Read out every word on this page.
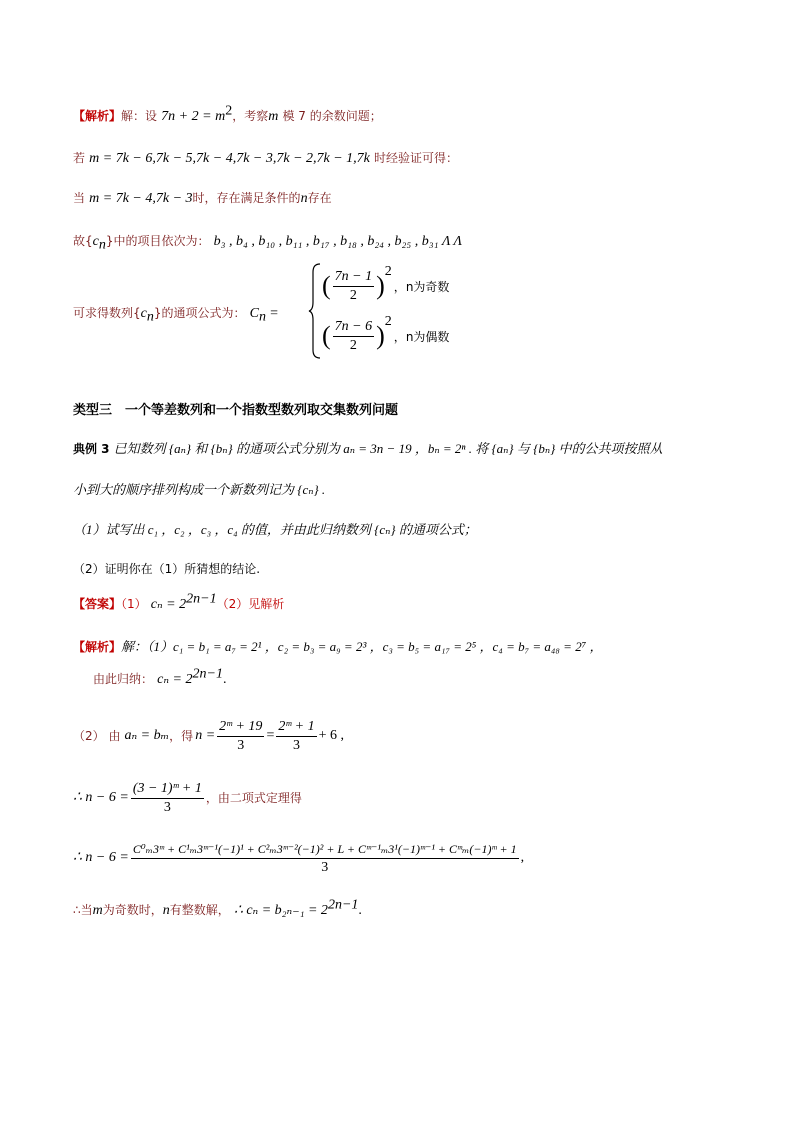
【解析】解：设 $7n + 2 = m^2$，考察m 模 7 的余数问题；
若 m = 7k − 6,7k − 5,7k − 4,7k − 3,7k − 2,7k − 1,7k 时经验证可得：
当 m = 7k − 4,7k − 3时，存在满足条件的n存在
故$\{c_n\}$中的项目依次为： b₃ , b₄ , b₁₀ , b₁₁ , b₁₇ , b₁₈ , b₂₄ , b₂₅ , b₃₁ Λ Λ
可求得数列$\{c_n\}$的通项公式为： $C_n$ =
( $\frac{7n - 1}{2} )^2$
， n为奇数
( $\frac{7n - 6}{2} )^2$
， n为偶数
类型三　一个等差数列和一个指数型数列取交集数列问题
典例 3 已知数列 {aₙ} 和 {bₙ} 的通项公式分别为 aₙ = 3n − 19 ，bₙ = 2ⁿ . 将 {aₙ} 与 {bₙ} 中的公共项按照从
小到大的顺序排列构成一个新数列记为 {cₙ} .
（1）试写出 c₁ ，c₂ ，c₃ ，c₄ 的值，并由此归纳数列 {cₙ} 的通项公式；
（2）证明你在（1）所猜想的结论.
【答案】（1） $c_n = 2^{2n-1}(2)$见解析
【解析】解：（1）c₁ = b₁ = a₇ = 2¹ ，c₂ = b₃ = a₉ = 2³ ，c₃ = b₅ = a₁₇ = 2⁵ ，c₄ = b₇ = a₄₈ = 2⁷ ，
由此归纳： $c_n = 2^{2n-1}$.
（2） 由 aₙ = bₘ ，得 $n = \frac{\text{2ᵐ + 19}}{3} = \frac{\text{2ᵐ + 1}}{3} + 6$ ,
∴ $n - 6 = \frac{\text{(3 − 1)ᵐ + 1}}{3}$ ，由二项式定理得
∴ n − 6 =
C⁰ₘ3ᵐ + C¹ₘ3ᵐ⁻¹(−1)¹ + C²ₘ3ᵐ⁻²(−1)² + L + Cᵐ⁻¹ₘ3¹(−1)ᵐ⁻¹ + Cᵐₘ(−1)ᵐ + 1
3
,
∴当m为奇数时，n有整数解， ∴ $c_n = b_{2n-1} = 2^{2n-1}$.
